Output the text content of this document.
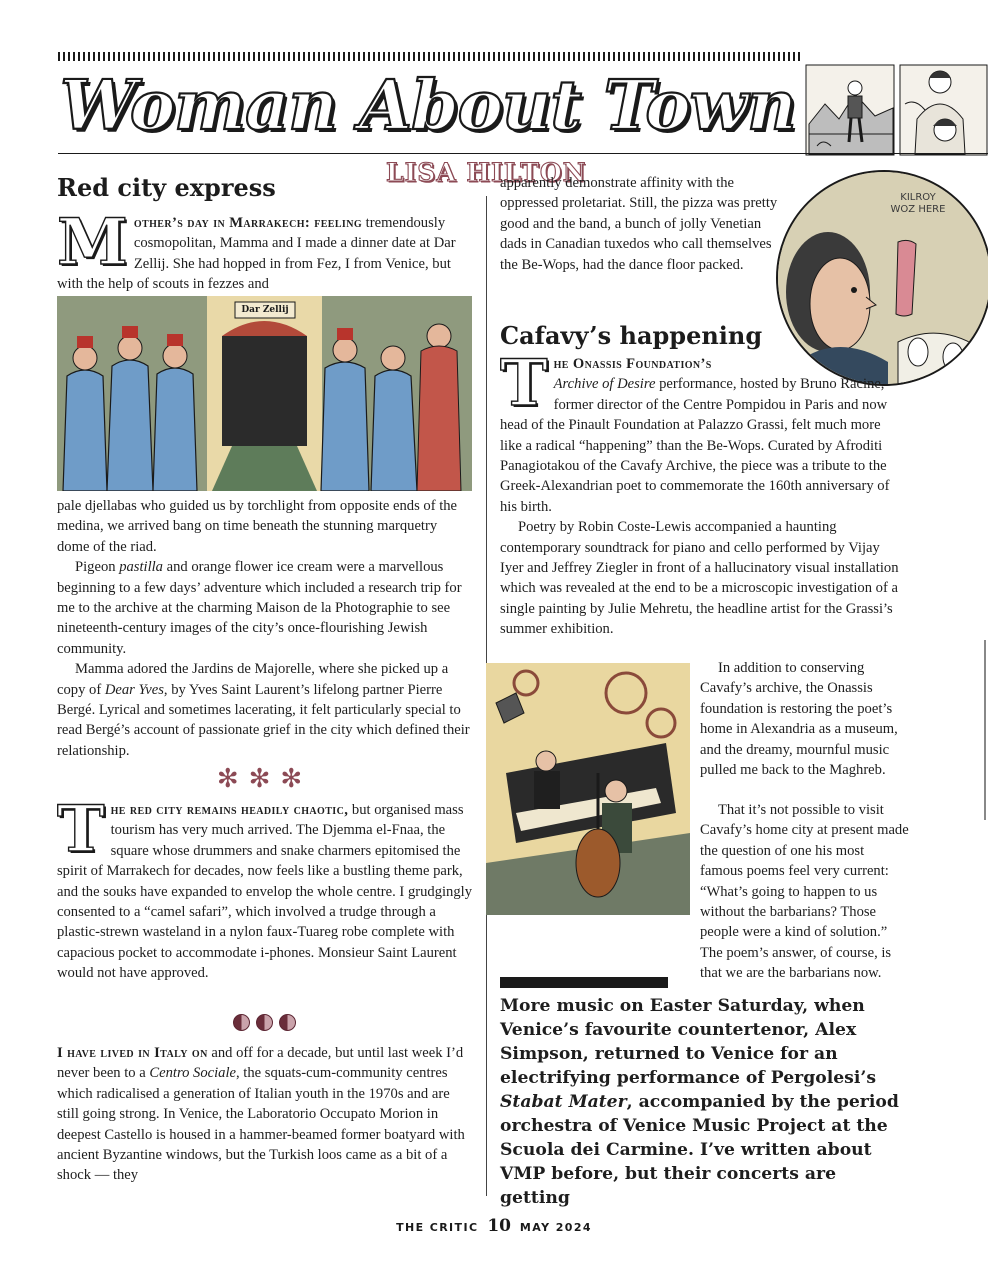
Woman About Town
LISA HILTON
Red city express

Mother’s day in Marrakech: feeling tremendously cosmopolitan, Mamma and I made a dinner date at Dar Zellij. She had hopped in from Fez, I from Venice, but with the help of scouts in fezzes and

Dar Zellij

pale djellabas who guided us by torchlight from opposite ends of the medina, we arrived bang on time beneath the stunning marquetry dome of the riad.

Pigeon pastilla and orange flower ice cream were a marvellous beginning to a few days’ adventure which included a research trip for me to the archive at the charming Maison de la Photographie to see nineteenth-century images of the city’s once-flourishing Jewish community.

Mamma adored the Jardins de Majorelle, where she picked up a copy of Dear Yves, by Yves Saint Laurent’s lifelong partner Pierre Bergé. Lyrical and sometimes lacerating, it felt particularly special to read Bergé’s account of passionate grief in the city which defined their relationship.

✻✻✻

The red city remains headily chaotic, but organised mass tourism has very much arrived. The Djemma el-Fnaa, the square whose drummers and snake charmers epitomised the spirit of Marrakech for decades, now feels like a bustling theme park, and the souks have expanded to envelop the whole centre. I grudgingly consented to a “camel safari”, which involved a trudge through a plastic-strewn wasteland in a nylon faux-Tuareg robe complete with capacious pocket to accommodate i-phones. Monsieur Saint Laurent would not have approved.

I have lived in Italy on and off for a decade, but until last week I’d never been to a Centro Sociale, the squats-cum-community centres which radicalised a generation of Italian youth in the 1970s and are still going strong. In Venice, the Laboratorio Occupato Morion in deepest Castello is housed in a hammer-beamed former boatyard with ancient Byzantine windows, but the Turkish loos came as a bit of a shock — they

KILROY WOZ HERE

apparently demonstrate affinity with the oppressed proletariat. Still, the pizza was pretty good and the band, a bunch of jolly Venetian dads in Canadian tuxedos who call themselves the Be-Wops, had the dance floor packed.

Cafavy’s happening

The Onassis Foundation’s
Archive of Desire performance, hosted by Bruno Racine, former director of the Centre Pompidou in Paris and now head of the Pinault Foundation at Palazzo Grassi, felt much more like a radical “happening” than the Be-Wops. Curated by Afroditi Panagiotakou of the Cavafy Archive, the piece was a tribute to the Greek-Alexandrian poet to commemorate the 160th anniversary of his birth.

Poetry by Robin Coste-Lewis accompanied a haunting contemporary soundtrack for piano and cello performed by Vijay Iyer and Jeffrey Ziegler in front of a hallucinatory visual installation which was revealed at the end to be a microscopic investigation of a single painting by Julie Mehretu, the headline artist for the Grassi’s summer exhibition.

In addition to conserving Cavafy’s archive, the Onassis foundation is restoring the poet’s home in Alexandria as a museum, and the dreamy, mournful music pulled me back to the Maghreb.

That it’s not possible to visit Cavafy’s home city at present made the question of one his most famous poems feel very current: “What’s going to happen to us without the barbarians? Those people were a kind of solution.” The poem’s answer, of course, is that we are the barbarians now.

More music on Easter Saturday, when Venice’s favourite countertenor, Alex Simpson, returned to Venice for an electrifying performance of Pergolesi’s Stabat Mater, accompanied by the period orchestra of Venice Music Project at the Scuola dei Carmine. I’ve written about VMP before, but their concerts are getting
THE CRITIC 10 MAY 2024
